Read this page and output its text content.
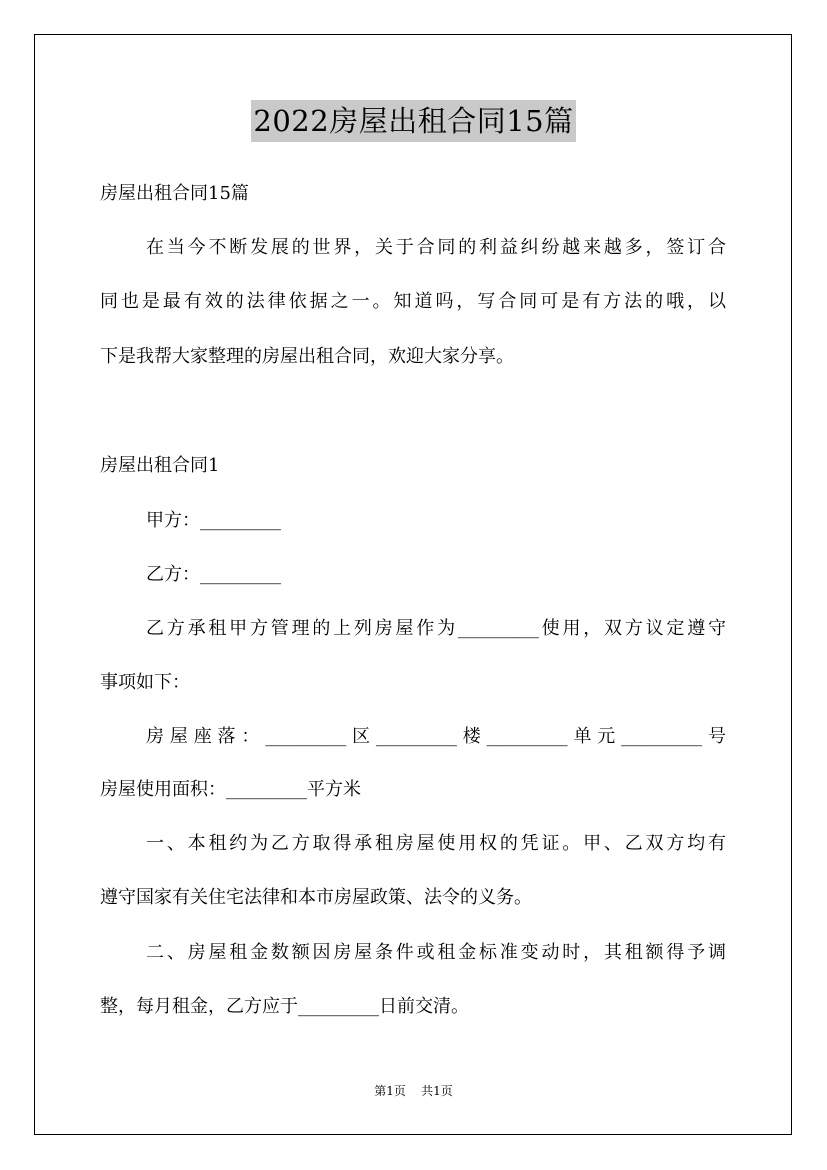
2022房屋出租合同15篇
房屋出租合同15篇
在当今不断发展的世界，关于合同的利益纠纷越来越多，签订合
同也是最有效的法律依据之一。知道吗，写合同可是有方法的哦，以
下是我帮大家整理的房屋出租合同，欢迎大家分享。
房屋出租合同1
甲方：_________
乙方：_________
乙方承租甲方管理的上列房屋作为_________使用，双方议定遵守
事项如下：
房屋座落：_________区_________楼_________单元_________号
房屋使用面积：_________平方米
一、本租约为乙方取得承租房屋使用权的凭证。甲、乙双方均有
遵守国家有关住宅法律和本市房屋政策、法令的义务。
二、房屋租金数额因房屋条件或租金标准变动时，其租额得予调
整，每月租金，乙方应于_________日前交清。
第1页 共1页
